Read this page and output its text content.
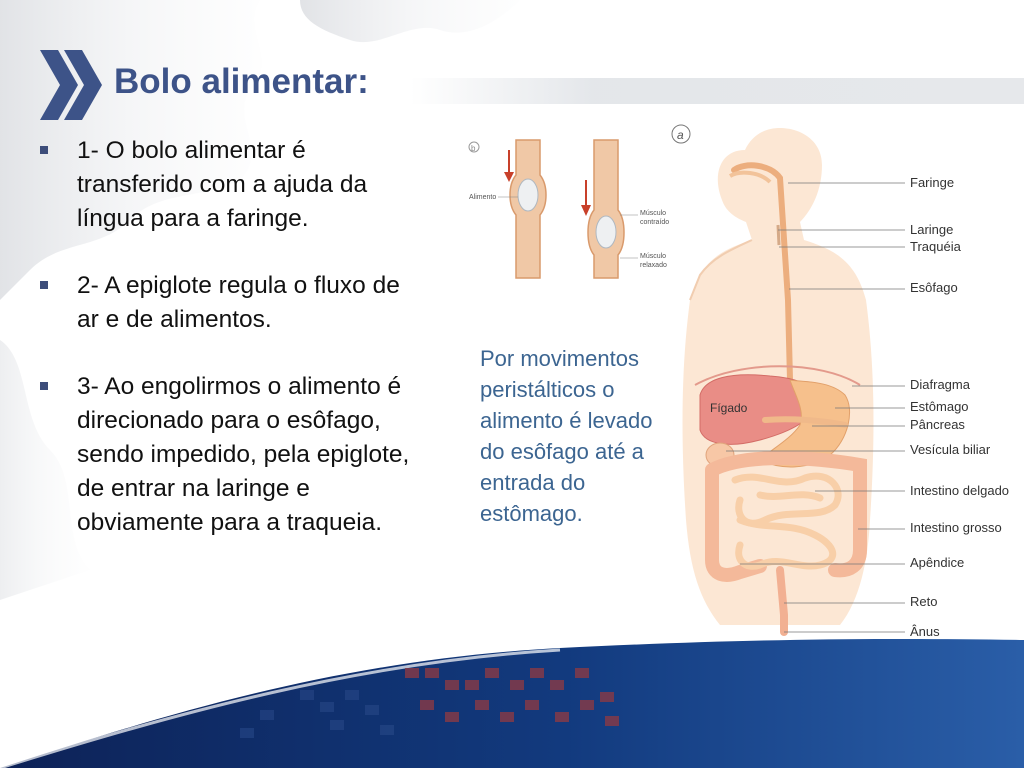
Bolo alimentar:
1- O bolo alimentar é transferido com a ajuda da língua para a faringe.
2- A epiglote regula o fluxo de ar e de alimentos.
3- Ao engolirmos o alimento é direcionado para o esôfago, sendo impedido, pela epiglote, de entrar na laringe e obviamente para a traqueia.
Por movimentos peristálticos o alimento é levado do esôfago até a entrada do estômago.
b
Alimento
Músculo
contraído
Músculo
relaxado
a
Fígado
Faringe
Laringe
Traquéia
Esôfago
Diafragma
Estômago
Pâncreas
Vesícula biliar
Intestino delgado
Intestino grosso
Apêndice
Reto
Ânus
